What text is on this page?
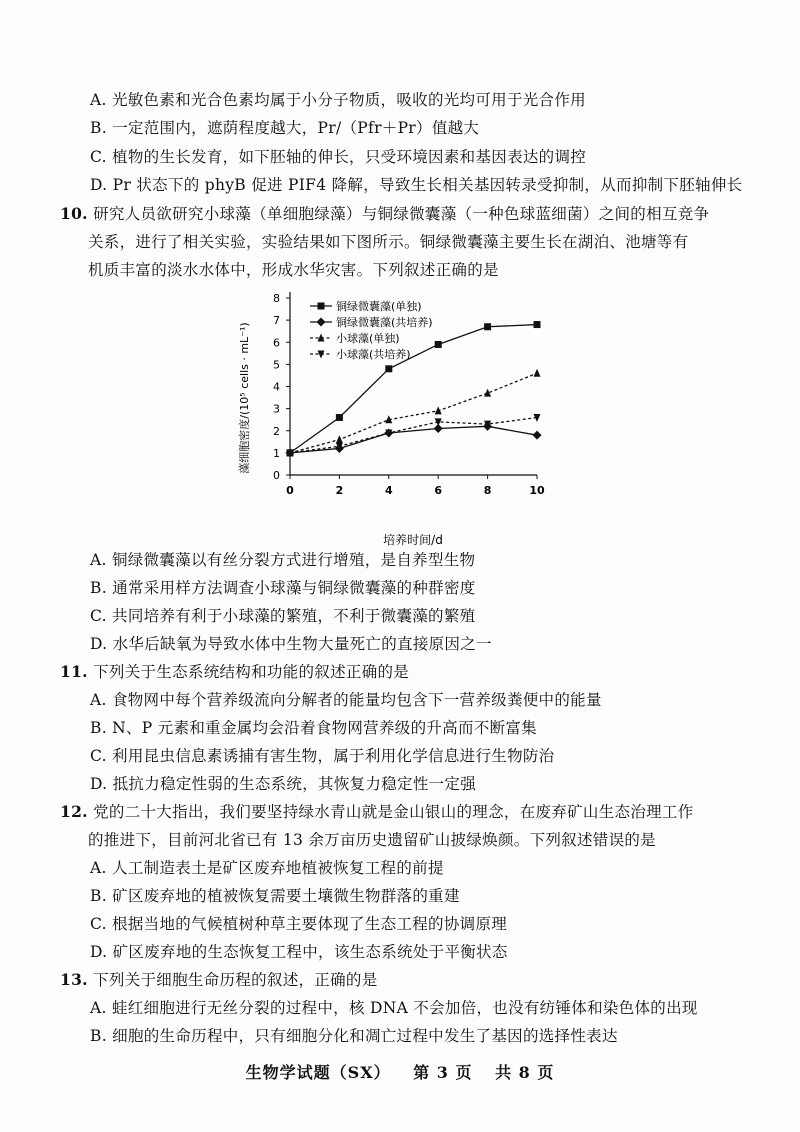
A. 光敏色素和光合色素均属于小分子物质，吸收的光均可用于光合作用
B. 一定范围内，遮荫程度越大，Pr/（Pfr＋Pr）值越大
C. 植物的生长发育，如下胚轴的伸长，只受环境因素和基因表达的调控
D. Pr 状态下的 phyB 促进 PIF4 降解，导致生长相关基因转录受抑制，从而抑制下胚轴伸长
10. 研究人员欲研究小球藻（单细胞绿藻）与铜绿微囊藻（一种色球蓝细菌）之间的相互竞争
关系，进行了相关实验，实验结果如下图所示。铜绿微囊藻主要生长在湖泊、池塘等有
机质丰富的淡水水体中，形成水华灾害。下列叙述正确的是
0
1
2
3
4
5
6
7
8
0	2	4	6	8	10
铜绿微囊藻(单独)
铜绿微囊藻(共培养)
小球藻(单独)
小球藻(共培养)
培养时间/d
藻细胞密度/(10⁵ cells · mL⁻¹)
A. 铜绿微囊藻以有丝分裂方式进行增殖，是自养型生物
B. 通常采用样方法调查小球藻与铜绿微囊藻的种群密度
C. 共同培养有利于小球藻的繁殖，不利于微囊藻的繁殖
D. 水华后缺氧为导致水体中生物大量死亡的直接原因之一
11. 下列关于生态系统结构和功能的叙述正确的是
A. 食物网中每个营养级流向分解者的能量均包含下一营养级粪便中的能量
B. N、P 元素和重金属均会沿着食物网营养级的升高而不断富集
C. 利用昆虫信息素诱捕有害生物，属于利用化学信息进行生物防治
D. 抵抗力稳定性弱的生态系统，其恢复力稳定性一定强
12. 党的二十大指出，我们要坚持绿水青山就是金山银山的理念，在废弃矿山生态治理工作
的推进下，目前河北省已有 13 余万亩历史遗留矿山披绿焕颜。下列叙述错误的是
A. 人工制造表土是矿区废弃地植被恢复工程的前提
B. 矿区废弃地的植被恢复需要土壤微生物群落的重建
C. 根据当地的气候植树种草主要体现了生态工程的协调原理
D. 矿区废弃地的生态恢复工程中，该生态系统处于平衡状态
13. 下列关于细胞生命历程的叙述，正确的是
A. 蛙红细胞进行无丝分裂的过程中，核 DNA 不会加倍，也没有纺锤体和染色体的出现
B. 细胞的生命历程中，只有细胞分化和凋亡过程中发生了基因的选择性表达
生物学试题（SX） 第 3 页 共 8 页
